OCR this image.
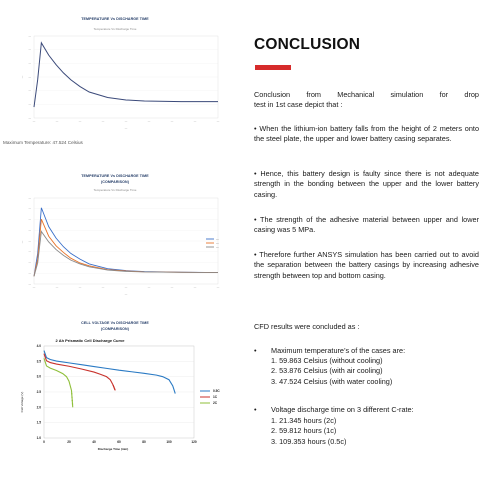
TEMPERATURE Vs DISCHARGE TIME
Temperature Vs Discharge Time
—
—
—
—
—
—
—
—	—	—	—	—	—	—	—	—
—
—
Maximum Temperature: 47.524 Celsius
TEMPERATURE Vs DISCHARGE TIME
(COMPARISON)
Temperature Vs Discharge Time
—
—
—
—
—
—
—
—
—
—	—	—	—	—	—	—	—	—
—
—
—
—
—
CELL VOLTAGE Vs DISCHARGE TIME
(COMPARISON)
2 Ah Prismatic Cell Discharge Curve
Cell Voltage (V)
Discharge Time (min)
1.5
2.0
2.5
3.0
3.5
4.0
1.0
0	20	40	60	80	100	120
0.5C
1C
2C
CONCLUSION
Conclusion from Mechanical simulation for drop
test in 1st case depict that :
• When the lithium-ion battery falls from the height of 2 meters onto the steel plate, the upper and lower battery casing separates.
• Hence, this battery design is faulty since there is not adequate strength in the bonding between the upper and the lower battery casing.
• The strength of the adhesive material between upper and lower casing was 5 MPa.
• Therefore further ANSYS simulation has been carried out to avoid the separation between the battery casings by increasing adhesive strength between top and bottom casing.
CFD results were concluded as :
• Maximum temperature’s of the cases are:
1. 59.863 Celsius (without cooling)
2. 53.876 Celsius (with air cooling)
3. 47.524 Celsius (with water cooling)
• Voltage discharge time on 3 different C-rate:
1. 21.345 hours (2c)
2. 59.812 hours (1c)
3. 109.353 hours (0.5c)
